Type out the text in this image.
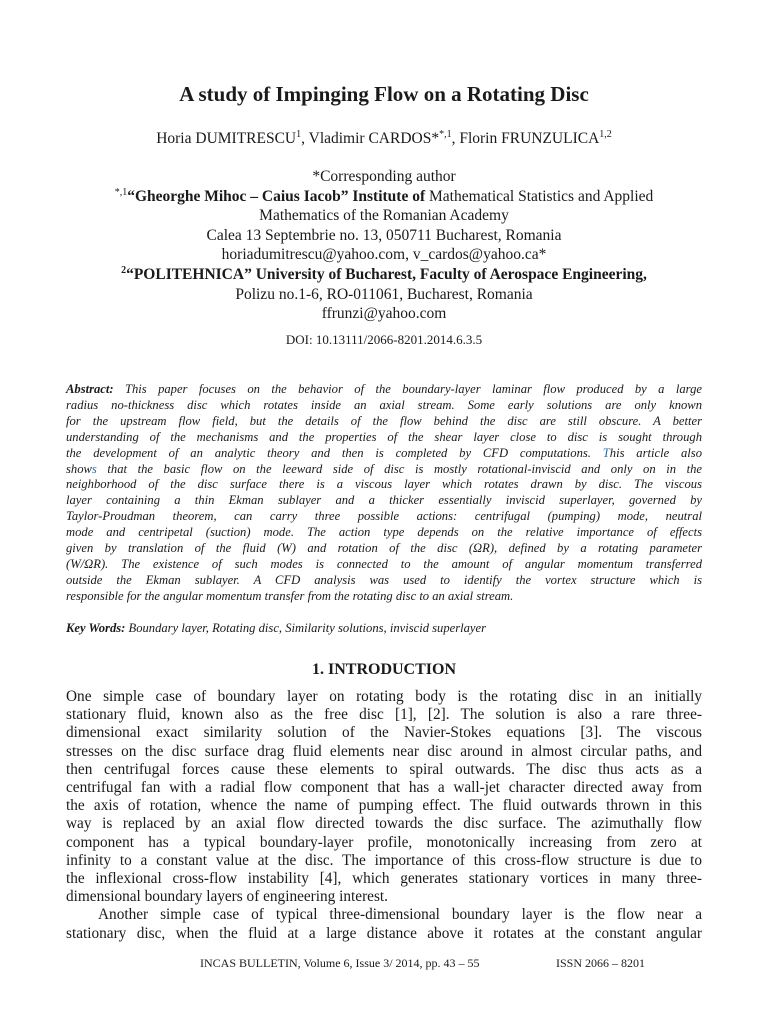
A study of Impinging Flow on a Rotating Disc
Horia DUMITRESCU$^1$, Vladimir CARDOS*$^{*,1}$, Florin FRUNZULICA$^{1,2}$
*Corresponding author
$^{*,1}$“Gheorghe Mihoc – Caius Iacob” Institute of Mathematical Statistics and Applied
Mathematics of the Romanian Academy
Calea 13 Septembrie no. 13, 050711 Bucharest, Romania
horiadumitrescu@yahoo.com, v_cardos@yahoo.ca*
$^2$“POLITEHNICA” University of Bucharest, Faculty of Aerospace Engineering,
Polizu no.1-6, RO-011061, Bucharest, Romania
ffrunzi@yahoo.com
DOI: 10.13111/2066-8201.2014.6.3.5
Abstract: This paper focuses on the behavior of the boundary-layer laminar flow produced by a large
radius no-thickness disc which rotates inside an axial stream. Some early solutions are only known
for the upstream flow field, but the details of the flow behind the disc are still obscure. A better
understanding of the mechanisms and the properties of the shear layer close to disc is sought through
the development of an analytic theory and then is completed by CFD computations. This article also
shows that the basic flow on the leeward side of disc is mostly rotational-inviscid and only on in the
neighborhood of the disc surface there is a viscous layer which rotates drawn by disc. The viscous
layer containing a thin Ekman sublayer and a thicker essentially inviscid superlayer, governed by
Taylor-Proudman theorem, can carry three possible actions: centrifugal (pumping) mode, neutral
mode and centripetal (suction) mode. The action type depends on the relative importance of effects
given by translation of the fluid (W) and rotation of the disc (ΩR), defined by a rotating parameter
(W/ΩR). The existence of such modes is connected to the amount of angular momentum transferred
outside the Ekman sublayer. A CFD analysis was used to identify the vortex structure which is
responsible for the angular momentum transfer from the rotating disc to an axial stream.
Key Words: Boundary layer, Rotating disc, Similarity solutions, inviscid superlayer
1. INTRODUCTION
One simple case of boundary layer on rotating body is the rotating disc in an initially
stationary fluid, known also as the free disc [1], [2]. The solution is also a rare three-
dimensional exact similarity solution of the Navier-Stokes equations [3]. The viscous
stresses on the disc surface drag fluid elements near disc around in almost circular paths, and
then centrifugal forces cause these elements to spiral outwards. The disc thus acts as a
centrifugal fan with a radial flow component that has a wall-jet character directed away from
the axis of rotation, whence the name of pumping effect. The fluid outwards thrown in this
way is replaced by an axial flow directed towards the disc surface. The azimuthally flow
component has a typical boundary-layer profile, monotonically increasing from zero at
infinity to a constant value at the disc. The importance of this cross-flow structure is due to
the inflexional cross-flow instability [4], which generates stationary vortices in many three-
dimensional boundary layers of engineering interest.
Another simple case of typical three-dimensional boundary layer is the flow near a
stationary disc, when the fluid at a large distance above it rotates at the constant angular
INCAS BULLETIN, Volume 6, Issue 3/ 2014, pp. 43 – 55	ISSN 2066 – 8201
